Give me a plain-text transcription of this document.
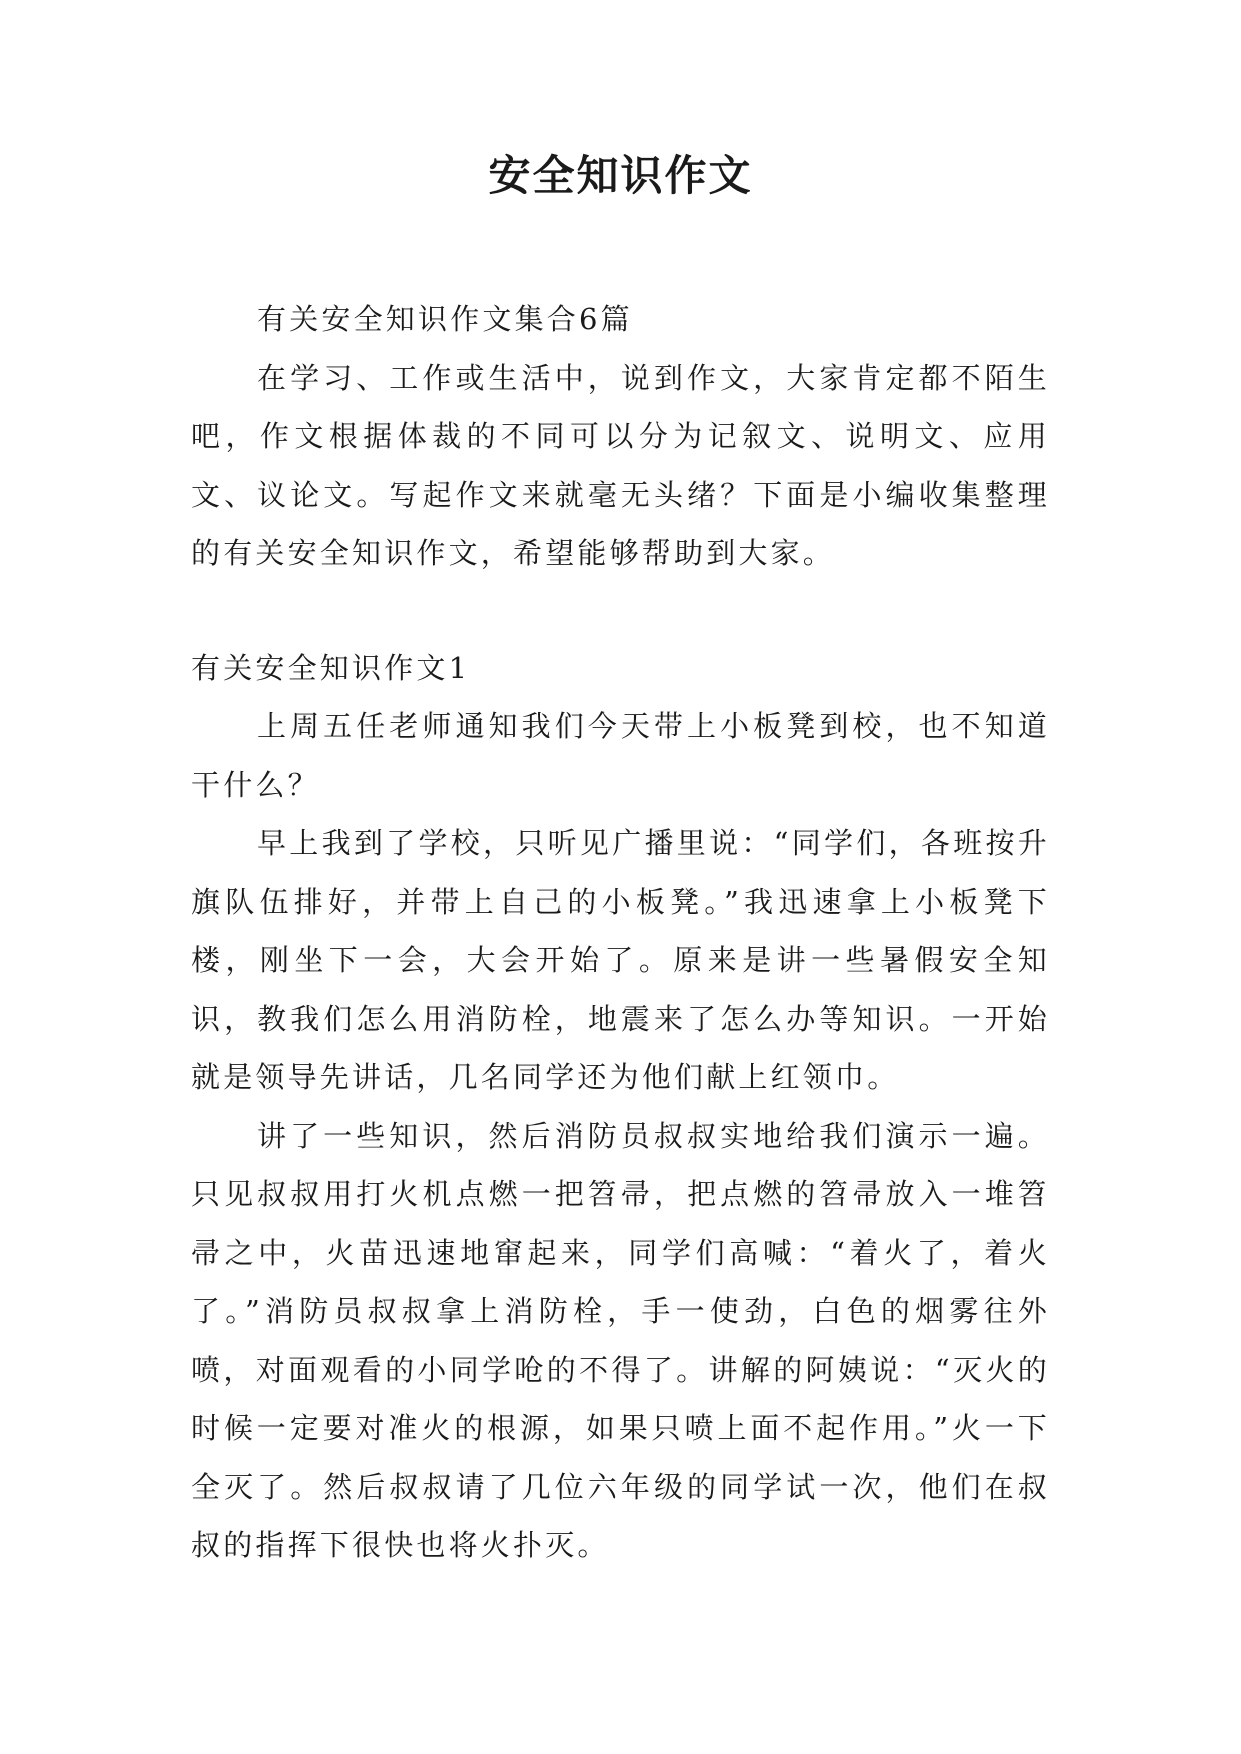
安全知识作文

有关安全知识作文集合6篇

在学习、工作或生活中，说到作文，大家肯定都不陌生吧，作文根据体裁的不同可以分为记叙文、说明文、应用文、议论文。写起作文来就毫无头绪？下面是小编收集整理的有关安全知识作文，希望能够帮助到大家。

有关安全知识作文1

上周五任老师通知我们今天带上小板凳到校，也不知道干什么？

早上我到了学校，只听见广播里说：“同学们，各班按升旗队伍排好，并带上自己的小板凳。”我迅速拿上小板凳下楼，刚坐下一会，大会开始了。原来是讲一些暑假安全知识，教我们怎么用消防栓，地震来了怎么办等知识。一开始就是领导先讲话，几名同学还为他们献上红领巾。

讲了一些知识，然后消防员叔叔实地给我们演示一遍。只见叔叔用打火机点燃一把笤帚，把点燃的笤帚放入一堆笤帚之中，火苗迅速地窜起来，同学们高喊：“着火了，着火了。”消防员叔叔拿上消防栓，手一使劲，白色的烟雾往外喷，对面观看的小同学呛的不得了。讲解的阿姨说：“灭火的时候一定要对准火的根源，如果只喷上面不起作用。”火一下全灭了。然后叔叔请了几位六年级的同学试一次，他们在叔叔的指挥下很快也将火扑灭。
